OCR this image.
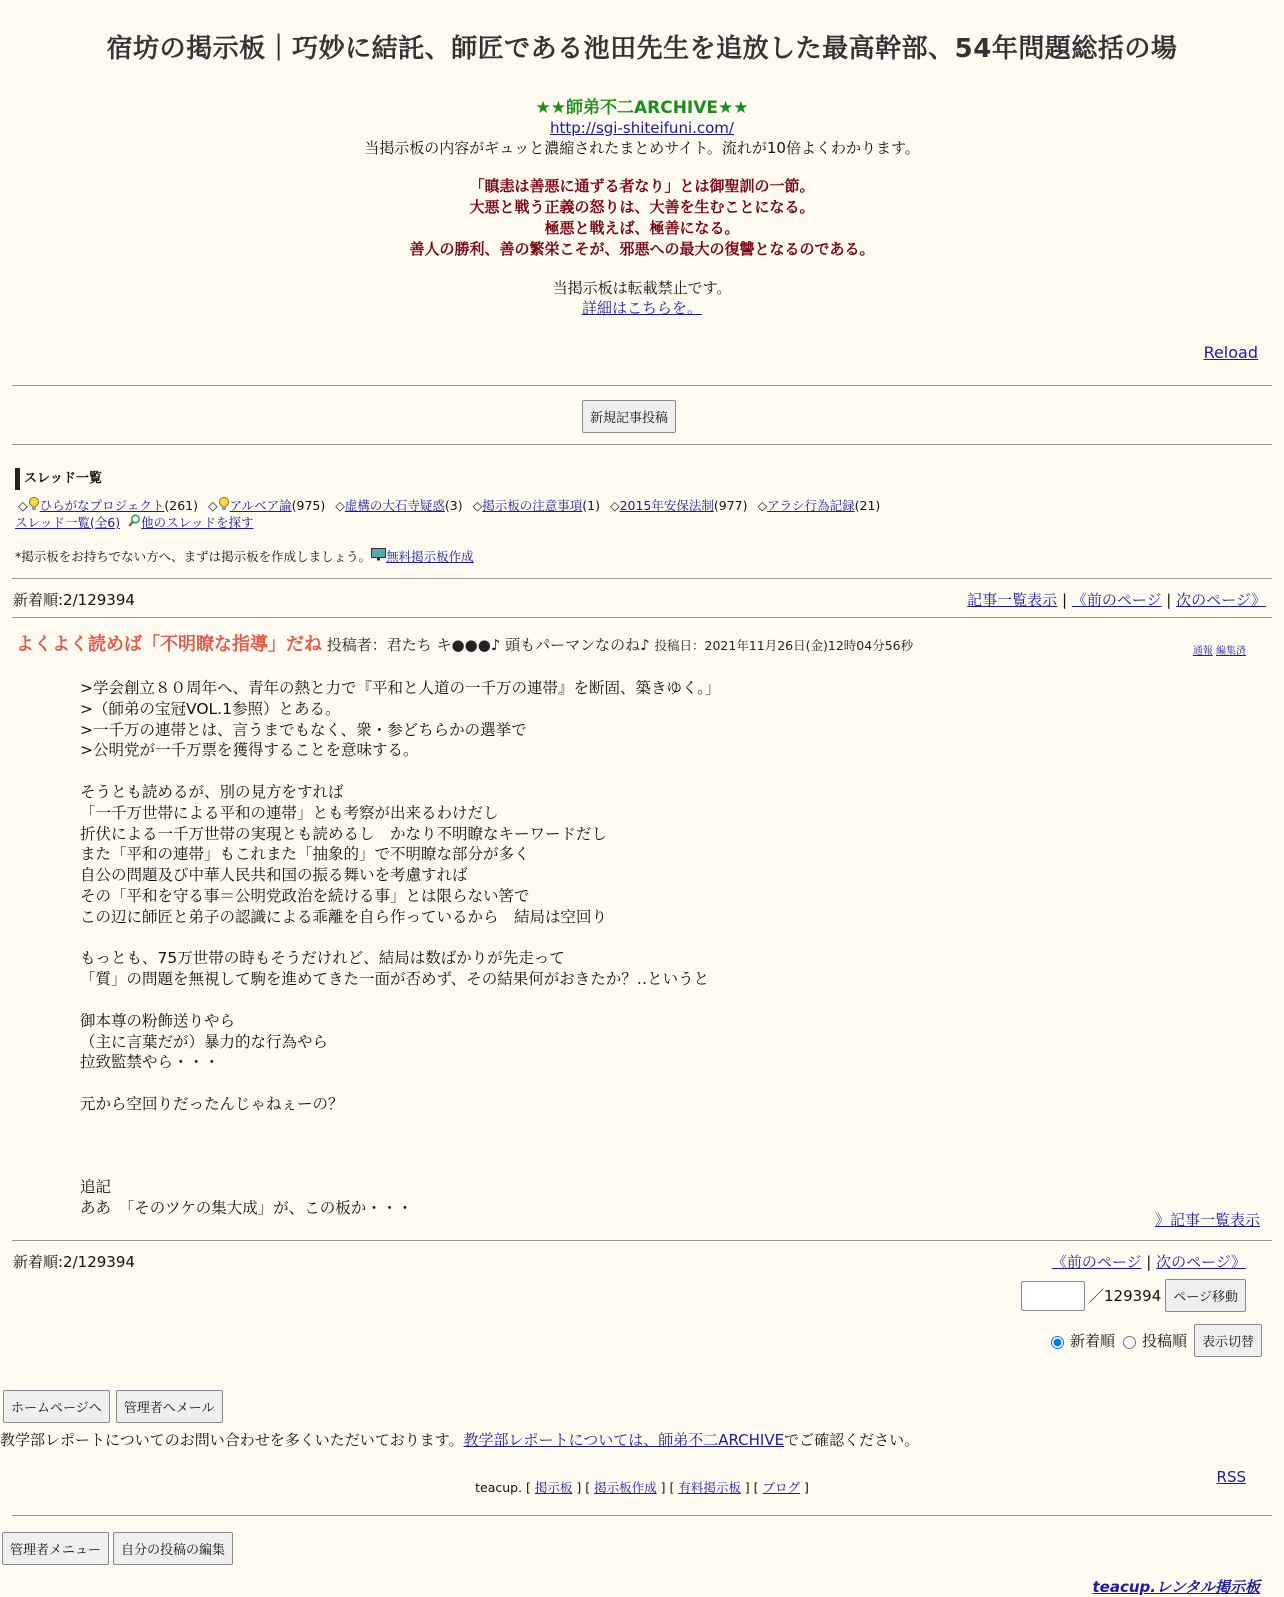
宿坊の掲示板｜巧妙に結託、師匠である池田先生を追放した最高幹部、54年問題総括の場
★★師弟不二ARCHIVE★★
http://sgi-shiteifuni.com/
当掲示板の内容がギュッと濃縮されたまとめサイト。流れが10倍よくわかります。
「瞋恚は善悪に通ずる者なり」とは御聖訓の一節。
大悪と戦う正義の怒りは、大善を生むことになる。
極悪と戦えば、極善になる。
善人の勝利、善の繁栄こそが、邪悪への最大の復讐となるのである。
当掲示板は転載禁止です。
詳細はこちらを。
Reload
新規記事投稿
スレッド一覧
◇ ひらがなプロジェクト(261) ◇ アルベア論(975) ◇虚構の大石寺疑惑(3) ◇掲示板の注意事項(1) ◇2015年安保法制(977) ◇アラシ行為記録(21)
スレッド一覧(全6) 他のスレッドを探す
*掲示板をお持ちでない方へ、まずは掲示板を作成しましょう。 無料掲示板作成
新着順:2/129394	記事一覧表示 | 《前のページ | 次のページ》
よくよく読めば「不明瞭な指導」だね 投稿者：君たち キ●●●♪ 頭もパーマンなのね♪ 投稿日：2021年11月26日(金)12時04分56秒	通報 編集済
>学会創立８０周年へ、青年の熱と力で『平和と人道の一千万の連帯』を断固、築きゆく。」
>（師弟の宝冠VOL.1参照）とある。
>一千万の連帯とは、言うまでもなく、衆・参どちらかの選挙で
>公明党が一千万票を獲得することを意味する。

そうとも読めるが、別の見方をすれば
「一千万世帯による平和の連帯」とも考察が出来るわけだし
折伏による一千万世帯の実現とも読めるし　かなり不明瞭なキーワードだし
また「平和の連帯」もこれまた「抽象的」で不明瞭な部分が多く
自公の問題及び中華人民共和国の振る舞いを考慮すれば
その「平和を守る事＝公明党政治を続ける事」とは限らない筈で
この辺に師匠と弟子の認識による乖離を自ら作っているから　結局は空回り

もっとも、75万世帯の時もそうだけれど、結局は数ばかりが先走って
「質」の問題を無視して駒を進めてきた一面が否めず、その結果何がおきたか？‥というと

御本尊の粉飾送りやら
（主に言葉だが）暴力的な行為やら
拉致監禁やら・・・

元から空回りだったんじゃねぇーの？

追記
ああ　「そのツケの集大成」が、この板か・・・
》記事一覧表示
新着順:2/129394	《前のページ | 次のページ》
／129394 ページ移動
新着順 投稿順	表示切替
ホームページへ	管理者へメール
教学部レポートについてのお問い合わせを多くいただいております。教学部レポートについては、師弟不二ARCHIVEでご確認ください。
RSS
teacup. [ 掲示板 ] [ 掲示板作成 ] [ 有料掲示板 ] [ ブログ ]
管理者メニュー	自分の投稿の編集
teacup.レンタル掲示板
